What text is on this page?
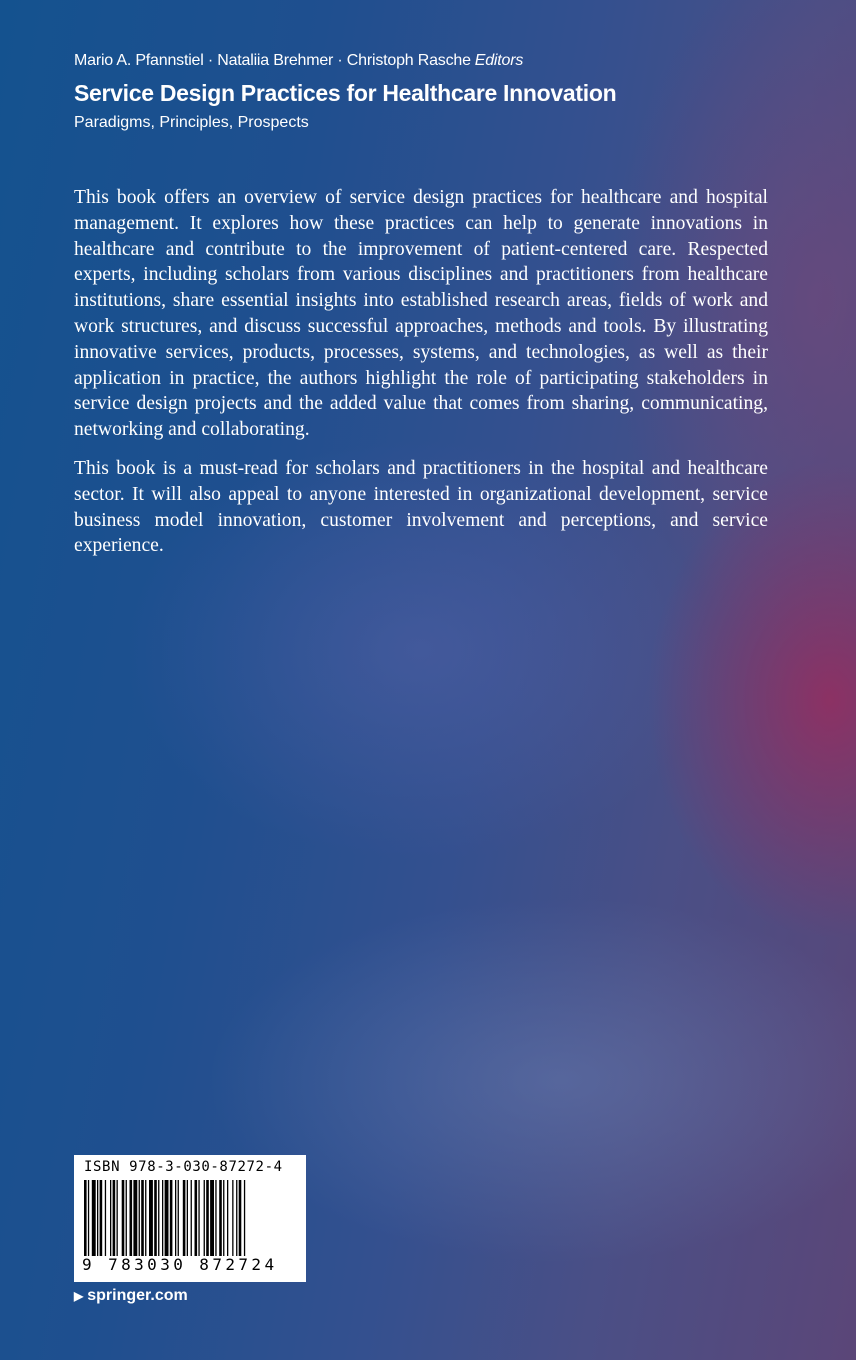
Mario A. Pfannstiel · Nataliia Brehmer · Christoph Rasche Editors

Service Design Practices for Healthcare Innovation

Paradigms, Principles, Prospects

This book offers an overview of service design practices for healthcare and hospital management. It explores how these practices can help to generate innovations in healthcare and contribute to the improvement of patient-centered care. Respected experts, including scholars from various disciplines and practitioners from healthcare institutions, share essential insights into established research areas, fields of work and work structures, and discuss successful approaches, methods and tools. By illustrating innovative services, products, processes, systems, and technologies, as well as their application in practice, the authors highlight the role of participating stakeholders in service design projects and the added value that comes from sharing, communicating, networking and collaborating.

This book is a must-read for scholars and practitioners in the hospital and healthcare sector. It will also appeal to anyone interested in organizational development, service business model innovation, customer involvement and perceptions, and service experience.

ISBN 978-3-030-87272-4
9 783030 872724
▶ springer.com
